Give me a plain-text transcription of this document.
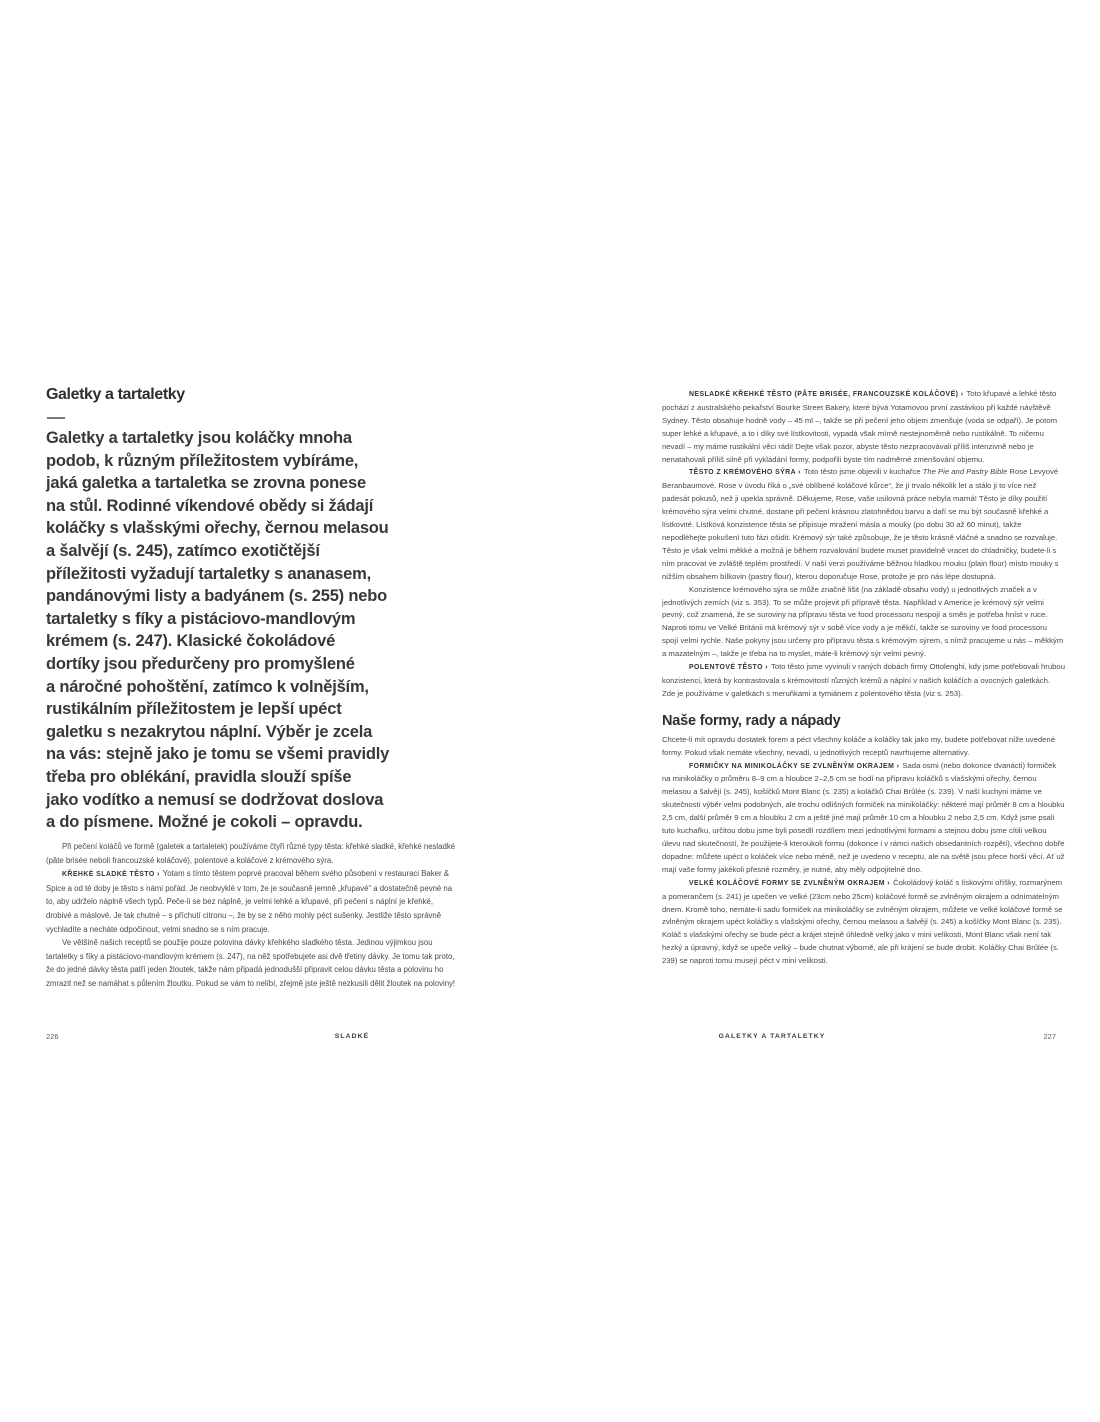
Galetky a tartaletky
Galetky a tartaletky jsou koláčky mnoha
podob, k různým příležitostem vybíráme,
jaká galetka a tartaletka se zrovna ponese
na stůl. Rodinné víkendové obědy si žádají
koláčky s vlašskými ořechy, černou melasou
a šalvějí (s. 245), zatímco exotičtější
příležitosti vyžadují tartaletky s ananasem,
pandánovými listy a badyánem (s. 255) nebo
tartaletky s fíky a pistáciovo-mandlovým
krémem (s. 247). Klasické čokoládové
dortíky jsou předurčeny pro promyšlené
a náročné pohoštění, zatímco k volnějším,
rustikálním příležitostem je lepší upéct
galetku s nezakrytou náplní. Výběr je zcela
na vás: stejně jako je tomu se všemi pravidly
třeba pro oblékání, pravidla slouží spíše
jako vodítko a nemusí se dodržovat doslova
a do písmene. Možné je cokoli – opravdu.

Při pečení koláčů ve formě (galetek a tartaletek) používáme čtyři různé typy těsta: křehké sladké, křehké nesladké (pâte brisée neboli francouzské koláčové), polentové a koláčové z krémového sýra.

KŘEHKÉ SLADKÉ TĚSTO › Yotam s tímto těstem poprvé pracoval během svého působení v restauraci Baker & Spice a od té doby je těsto s námi pořád. Je neobvyklé v tom, že je současně jemně „křupavé“ a dostatečně pevné na to, aby udrželo náplně všech typů. Peče-li se bez náplně, je velmi lehké a křupavé, při pečení s náplní je křehké, drobivé a máslové. Je tak chutné – s příchutí citronu –, že by se z něho mohly péct sušenky. Jestliže těsto správně vychladíte a necháte odpočinout, velmi snadno se s ním pracuje.

Ve většině našich receptů se použije pouze polovina dávky křehkého sladkého těsta. Jedinou výjimkou jsou tartaletky s fíky a pistáciovo-mandlovým krémem (s. 247), na něž spotřebujete asi dvě třetiny dávky. Je tomu tak proto, že do jedné dávky těsta patří jeden žloutek, takže nám připadá jednodušší připravit celou dávku těsta a polovinu ho zmrazit než se namáhat s půlením žloutku. Pokud se vám to nelíbí, zřejmě jste ještě nezkusili dělit žloutek na poloviny!

NESLADKÉ KŘEHKÉ TĚSTO (PÂTE BRISÉE, FRANCOUZSKÉ KOLÁČOVÉ) › Toto křupavé a lehké těsto pochází z australského pekařství Bourke Street Bakery, které bývá Yotamovou první zastávkou při každé návštěvě Sydney. Těsto obsahuje hodně vody – 45 ml –, takže se při pečení jeho objem zmenšuje (voda se odpaří). Je potom super lehké a křupavé, a to i díky své lístkovitosti, vypadá však mírně nestejnoměrně nebo rustikálně. To ničemu nevadí – my máme rustikální věci rádi! Dejte však pozor, abyste těsto nezpracovávali příliš intenzivně nebo je nenatahovali příliš silně při vykládání formy, podpořili byste tím nadměrné zmenšování objemu.

TĚSTO Z KRÉMOVÉHO SÝRA › Toto těsto jsme objevili v kuchařce The Pie and Pastry Bible Rose Levyové Beranbaumové. Rose v úvodu říká o „své oblíbené koláčové kůrce“, že jí trvalo několik let a stálo ji to více než padesát pokusů, než ji upekla správně. Děkujeme, Rose, vaše usilovná práce nebyla marná! Těsto je díky použití krémového sýra velmi chutné, dostane při pečení krásnou zlatohnědou barvu a daří se mu být současně křehké a lístkovité. Lístková konzistence těsta se připisuje mražení másla a mouky (po dobu 30 až 60 minut), takže nepodléhejte pokušení tuto fázi ošidit. Krémový sýr také způsobuje, že je těsto krásně vláčné a snadno se rozvaluje. Těsto je však velmi měkké a možná je během rozvalování budete muset pravidelně vracet do chladničky, budete-li s ním pracovat ve zvláště teplém prostředí. V naší verzi používáme běžnou hladkou mouku (plain flour) místo mouky s nižším obsahem bílkovin (pastry flour), kterou doporučuje Rose, protože je pro nás lépe dostupná.

Konzistence krémového sýra se může značně lišit (na základě obsahu vody) u jednotlivých značek a v jednotlivých zemích (viz s. 353). To se může projevit při přípravě těsta. Například v Americe je krémový sýr velmi pevný, což znamená, že se suroviny na přípravu těsta ve food processoru nespojí a směs je potřeba hníst v ruce. Naproti tomu ve Velké Británii má krémový sýr v sobě více vody a je měkčí, takže se suroviny ve food processoru spojí velmi rychle. Naše pokyny jsou určeny pro přípravu těsta s krémovým sýrem, s nímž pracujeme u nás – měkkým a mazatelným –, takže je třeba na to myslet, máte-li krémový sýr velmi pevný.

POLENTOVÉ TĚSTO › Toto těsto jsme vyvinuli v raných dobách firmy Ottolenghi, kdy jsme potřebovali hrubou konzistenci, která by kontrastovala s krémovitostí různých krémů a náplní v našich koláčích a ovocných galetkách. Zde je používáme v galetkách s meruňkami a tymiánem z polentového těsta (viz s. 253).

Naše formy, rady a nápady

Chcete-li mít opravdu dostatek forem a péct všechny koláče a koláčky tak jako my, budete potřebovat níže uvedené formy. Pokud však nemáte všechny, nevadí, u jednotlivých receptů navrhujeme alternativy.

FORMIČKY NA MINIKOLÁČKY SE ZVLNĚNÝM OKRAJEM › Sada osmi (nebo dokonce dvanácti) formiček na minikoláčky o průměru 8–9 cm a hloubce 2–2,5 cm se hodí na přípravu koláčků s vlašskými ořechy, černou melasou a šalvějí (s. 245), košíčků Mont Blanc (s. 235) a koláčků Chai Brûlée (s. 239). V naší kuchyni máme ve skutečnosti výběr velmi podobných, ale trochu odlišných formiček na minikoláčky: některé mají průměr 8 cm a hloubku 2,5 cm, další průměr 9 cm a hloubku 2 cm a ještě jiné mají průměr 10 cm a hloubku 2 nebo 2,5 cm. Když jsme psali tuto kuchařku, určitou dobu jsme byli posedlí rozdílem mezi jednotlivými formami a stejnou dobu jsme cítili velkou úlevu nad skutečností, že použijete-li kteroukoli formu (dokonce i v rámci našich obsedantních rozpětí), všechno dobře dopadne: můžete upéct o koláček více nebo méně, než je uvedeno v receptu, ale na světě jsou přece horší věci. Ať už mají vaše formy jakékoli přesné rozměry, je nutné, aby měly odpojitelné dno.

VELKÉ KOLÁČOVÉ FORMY SE ZVLNĚNÝM OKRAJEM › Čokoládový koláč s lískovými oříšky, rozmarýnem a pomerančem (s. 241) je upečen ve velké (23cm nebo 25cm) koláčové formě se zvlněným okrajem a odnímatelným dnem. Kromě toho, nemáte-li sadu formiček na minikoláčky se zvlněným okrajem, můžete ve velké koláčové formě se zvlněným okrajem upéct koláčky s vlašskými ořechy, černou melasou a šalvějí (s. 245) a košíčky Mont Blanc (s. 235). Koláč s vlašskými ořechy se bude péct a krájet stejně úhledně velký jako v mini velikosti, Mont Blanc však není tak hezký a úpravný, když se upeče velký – bude chutnat výborně, ale při krájení se bude drobit. Koláčky Chai Brûlée (s. 239) se naproti tomu musejí péct v mini velikosti.

226	SLADKÉ	GALETKY A TARTALETKY	227
